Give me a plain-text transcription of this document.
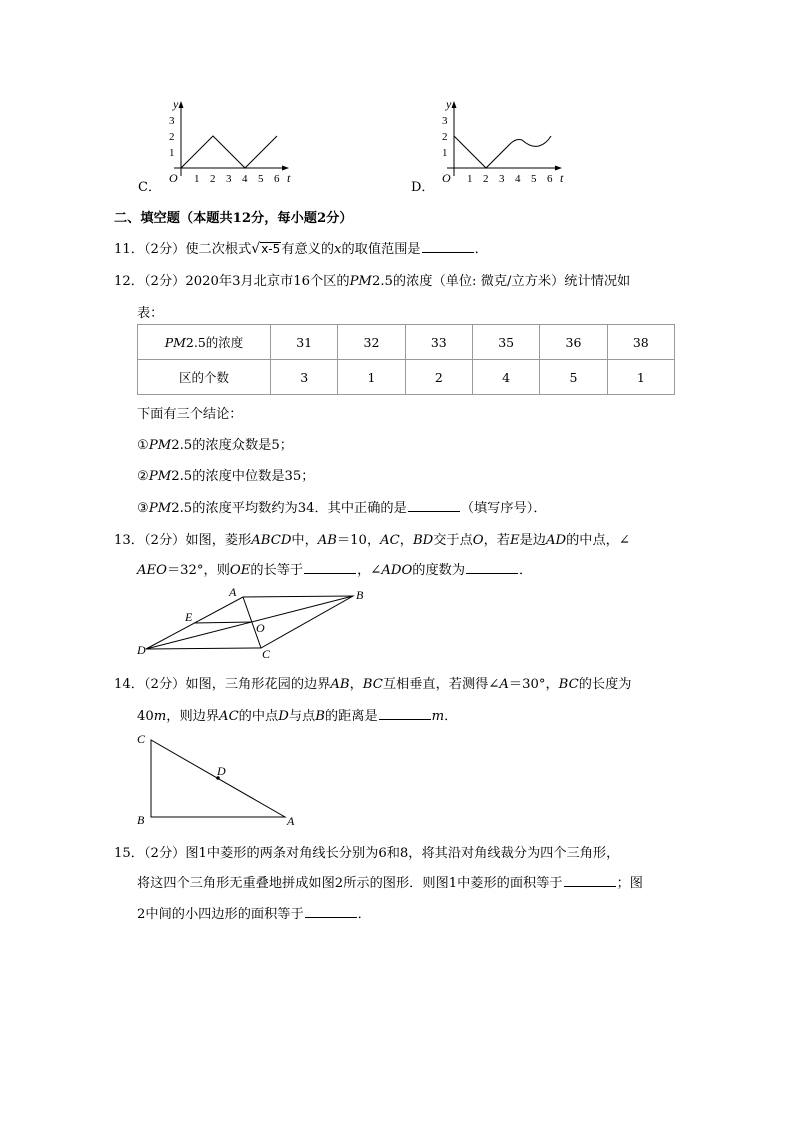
C．
y
t
O
1
2
3
1 2 3 4 5 6
D．
y
t
O
1
2
3
1 2 3 4 5 6
二、填空题（本题共12分，每小题2分）
11．（2分）使二次根式√x-5有意义的x的取值范围是	．
12．（2分）2020年3月北京市16个区的PM2.5的浓度（单位: 微克/立方米）统计情况如
表：
PM2.5的浓度	31	32	33	35	36	38
区的个数	3	1	2	4	5	1
下面有三个结论：
①PM2.5的浓度众数是5；
②PM2.5的浓度中位数是35；
③PM2.5的浓度平均数约为34．其中正确的是	（填写序号）．
13．（2分）如图，菱形ABCD中，AB＝10，AC，BD交于点O，若E是边AD的中点，∠
AEO＝32°，则OE的长等于	，∠ADO的度数为	．
A	B
C
D
E
O
14．（2分）如图，三角形花园的边界AB，BC互相垂直，若测得∠A＝30°，BC的长度为
40m，则边界AC的中点D与点B的距离是	m．
C
B	A
D
15．（2分）图1中菱形的两条对角线长分别为6和8，将其沿对角线裁分为四个三角形，
将这四个三角形无重叠地拼成如图2所示的图形．则图1中菱形的面积等于	；图
2中间的小四边形的面积等于	．
